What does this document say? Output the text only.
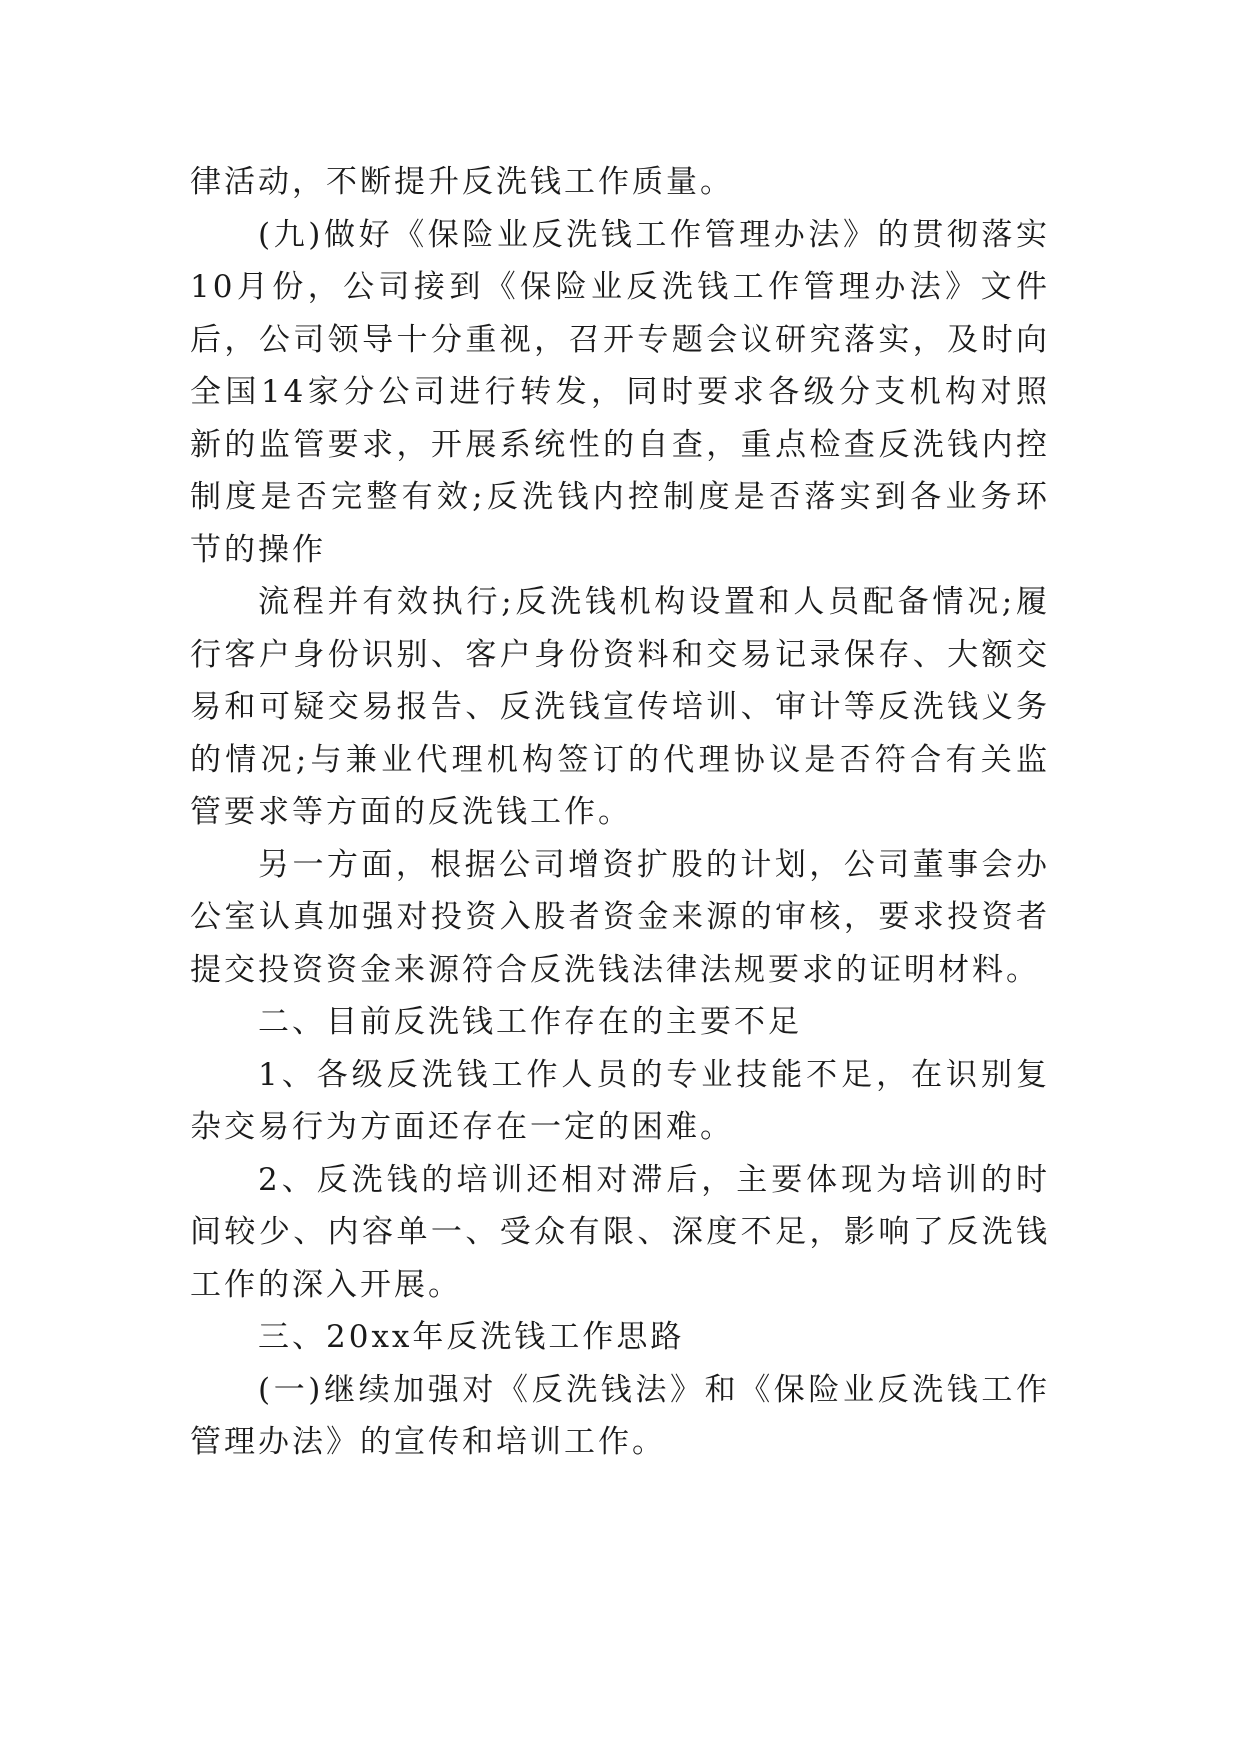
律活动，不断提升反洗钱工作质量。

(九)做好《保险业反洗钱工作管理办法》的贯彻落实10月份，公司接到《保险业反洗钱工作管理办法》文件后，公司领导十分重视，召开专题会议研究落实，及时向全国14家分公司进行转发，同时要求各级分支机构对照新的监管要求，开展系统性的自查，重点检查反洗钱内控制度是否完整有效;反洗钱内控制度是否落实到各业务环节的操作

流程并有效执行;反洗钱机构设置和人员配备情况;履行客户身份识别、客户身份资料和交易记录保存、大额交易和可疑交易报告、反洗钱宣传培训、审计等反洗钱义务的情况;与兼业代理机构签订的代理协议是否符合有关监管要求等方面的反洗钱工作。

另一方面，根据公司增资扩股的计划，公司董事会办公室认真加强对投资入股者资金来源的审核，要求投资者提交投资资金来源符合反洗钱法律法规要求的证明材料。

二、目前反洗钱工作存在的主要不足

1、各级反洗钱工作人员的专业技能不足，在识别复杂交易行为方面还存在一定的困难。

2、反洗钱的培训还相对滞后，主要体现为培训的时间较少、内容单一、受众有限、深度不足，影响了反洗钱工作的深入开展。

三、20xx年反洗钱工作思路

(一)继续加强对《反洗钱法》和《保险业反洗钱工作管理办法》的宣传和培训工作。
